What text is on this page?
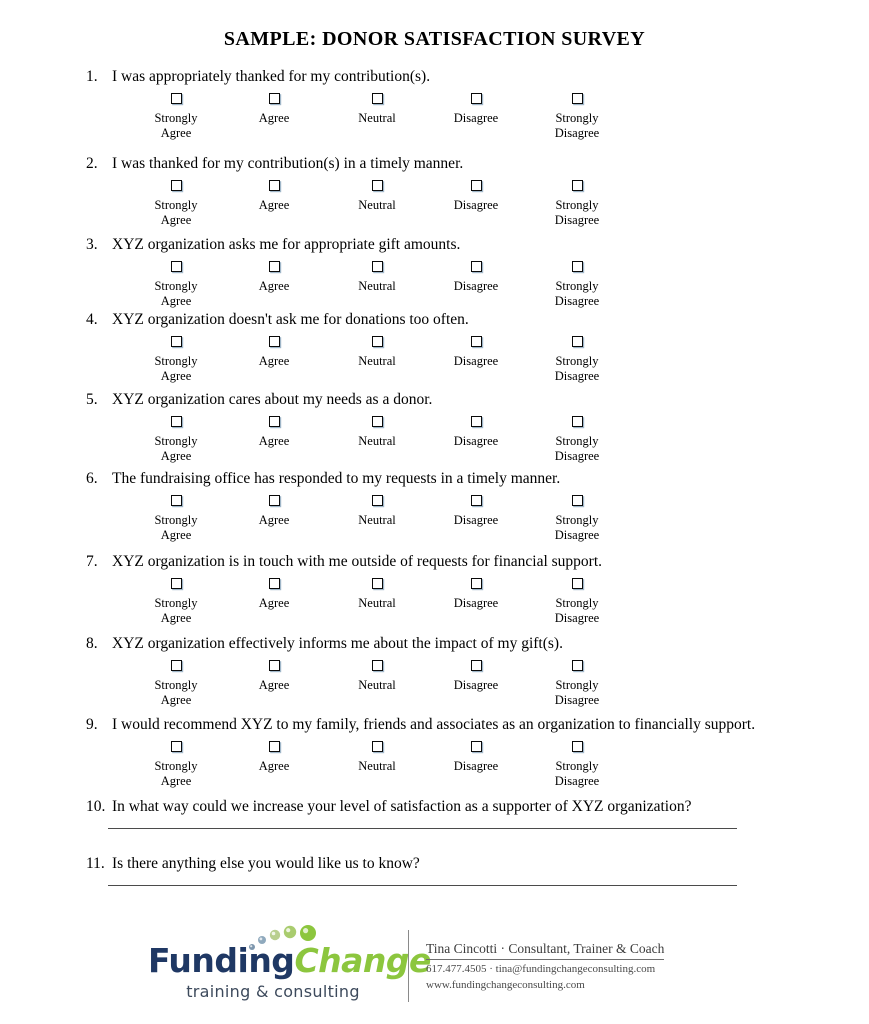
SAMPLE: DONOR SATISFACTION SURVEY
1. I was appropriately thanked for my contribution(s).
Strongly
Agree
Agree	Neutral	Disagree	Strongly
Disagree
2. I was thanked for my contribution(s) in a timely manner.
Strongly
Agree
Agree	Neutral	Disagree	Strongly
Disagree
3. XYZ organization asks me for appropriate gift amounts.
Strongly
Agree
Agree	Neutral	Disagree	Strongly
Disagree
4. XYZ organization doesn't ask me for donations too often.
Strongly
Agree
Agree	Neutral	Disagree	Strongly
Disagree
5. XYZ organization cares about my needs as a donor.
Strongly
Agree
Agree	Neutral	Disagree	Strongly
Disagree
6. The fundraising office has responded to my requests in a timely manner.
Strongly
Agree
Agree	Neutral	Disagree	Strongly
Disagree
7. XYZ organization is in touch with me outside of requests for financial support.
Strongly
Agree
Agree	Neutral	Disagree	Strongly
Disagree
8. XYZ organization effectively informs me about the impact of my gift(s).
Strongly
Agree
Agree	Neutral	Disagree	Strongly
Disagree
9. I would recommend XYZ to my family, friends and associates as an organization to financially support.
Strongly
Agree
Agree	Neutral	Disagree	Strongly
Disagree
10. In what way could we increase your level of satisfaction as a supporter of XYZ organization?
11. Is there anything else you would like us to know?
FundingChange
training & consulting
Tina Cincotti · Consultant, Trainer & Coach
617.477.4505 · tina@fundingchangeconsulting.com
www.fundingchangeconsulting.com
